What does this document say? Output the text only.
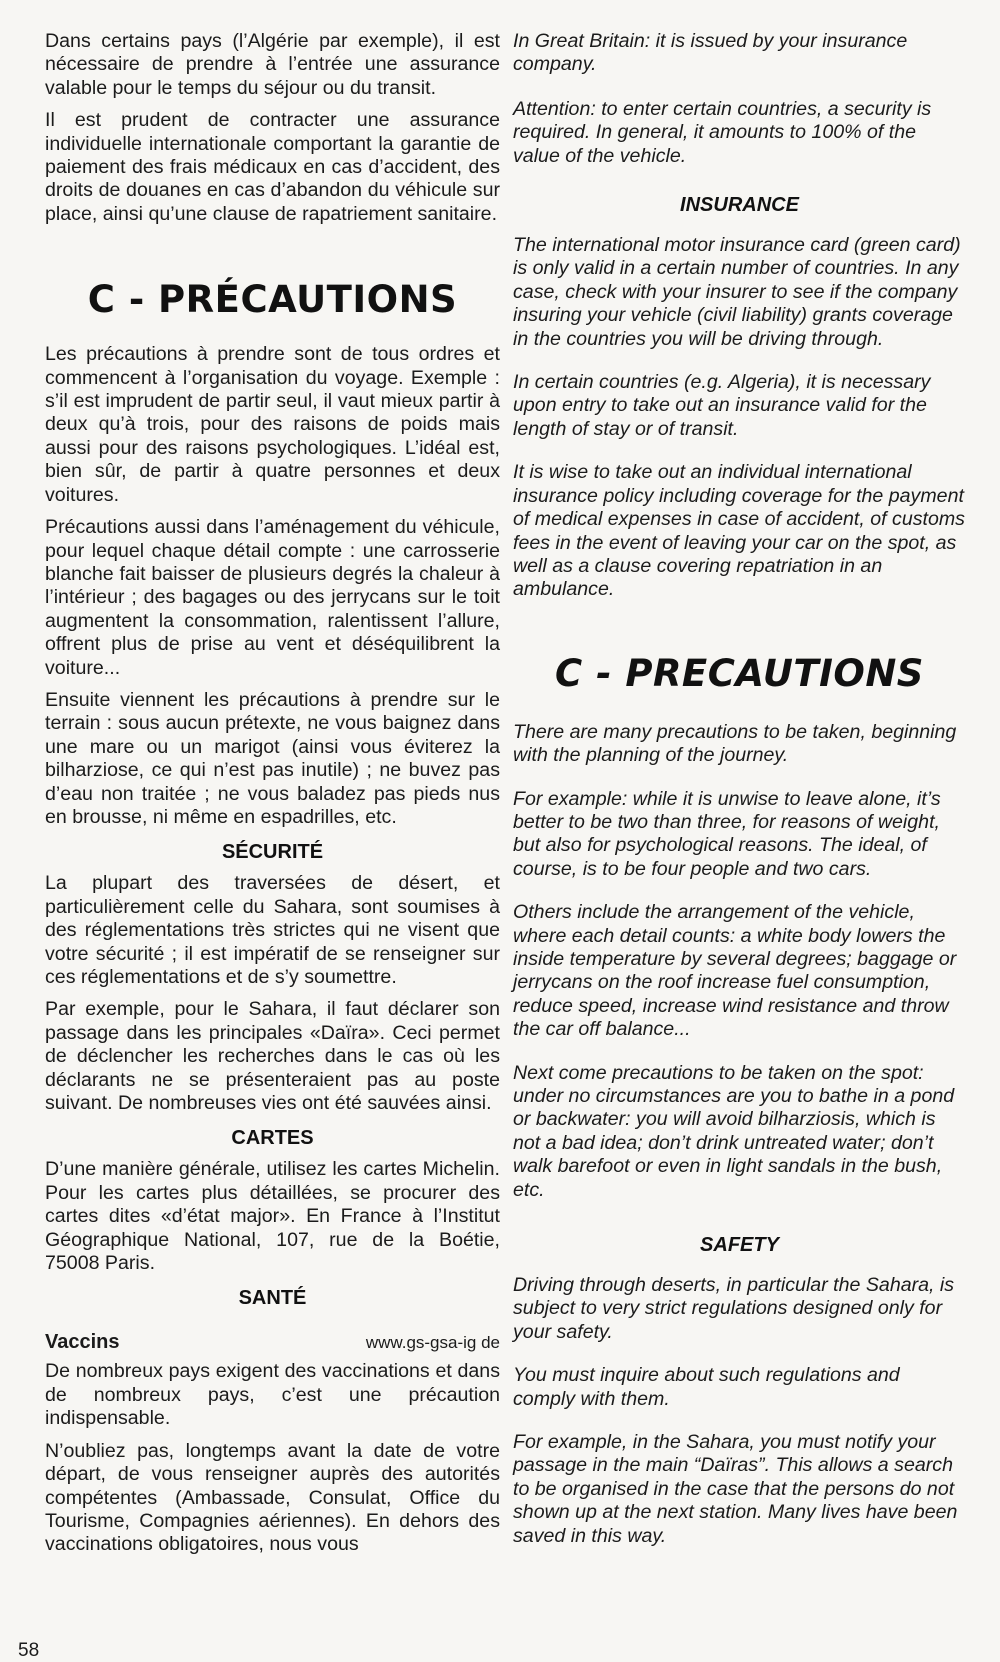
Dans certains pays (l’Algérie par exemple), il est nécessaire de prendre à l’entrée une assurance valable pour le temps du séjour ou du transit.

Il est prudent de contracter une assurance individuelle internationale comportant la garantie de paiement des frais médicaux en cas d’accident, des droits de douanes en cas d’abandon du véhicule sur place, ainsi qu’une clause de rapatriement sanitaire.

C - PRÉCAUTIONS

Les précautions à prendre sont de tous ordres et commencent à l’organisation du voyage. Exemple : s’il est imprudent de partir seul, il vaut mieux partir à deux qu’à trois, pour des raisons de poids mais aussi pour des raisons psychologiques. L’idéal est, bien sûr, de partir à quatre personnes et deux voitures.

Précautions aussi dans l’aménagement du véhicule, pour lequel chaque détail compte : une carrosserie blanche fait baisser de plusieurs degrés la chaleur à l’intérieur ; des bagages ou des jerrycans sur le toit augmentent la consommation, ralentissent l’allure, offrent plus de prise au vent et déséquilibrent la voiture...

Ensuite viennent les précautions à prendre sur le terrain : sous aucun prétexte, ne vous baignez dans une mare ou un marigot (ainsi vous éviterez la bilharziose, ce qui n’est pas inutile) ; ne buvez pas d’eau non traitée ; ne vous baladez pas pieds nus en brousse, ni même en espadrilles, etc.

SÉCURITÉ

La plupart des traversées de désert, et particulièrement celle du Sahara, sont soumises à des réglementations très strictes qui ne visent que votre sécurité ; il est impératif de se renseigner sur ces réglementations et de s’y soumettre.

Par exemple, pour le Sahara, il faut déclarer son passage dans les principales «Daïra». Ceci permet de déclencher les recherches dans le cas où les déclarants ne se présenteraient pas au poste suivant. De nombreuses vies ont été sauvées ainsi.

CARTES

D’une manière générale, utilisez les cartes Michelin. Pour les cartes plus détaillées, se procurer des cartes dites «d’état major». En France à l’Institut Géographique National, 107, rue de la Boétie, 75008 Paris.

SANTÉ
Vaccins	www.gs-gsa-ig de

De nombreux pays exigent des vaccinations et dans de nombreux pays, c’est une précaution indispensable.

N’oubliez pas, longtemps avant la date de votre départ, de vous renseigner auprès des autorités compétentes (Ambassade, Consulat, Office du Tourisme, Compagnies aériennes). En dehors des vaccinations obligatoires, nous vous

In Great Britain: it is issued by your insurance company.

Attention: to enter certain countries, a security is required. In general, it amounts to 100% of the value of the vehicle.

INSURANCE

The international motor insurance card (green card) is only valid in a certain number of countries. In any case, check with your insurer to see if the company insuring your vehicle (civil liability) grants coverage in the countries you will be driving through.

In certain countries (e.g. Algeria), it is necessary upon entry to take out an insurance valid for the length of stay or of transit.

It is wise to take out an individual international insurance policy including coverage for the payment of medical expenses in case of accident, of customs fees in the event of leaving your car on the spot, as well as a clause covering repatriation in an ambulance.

C - PRECAUTIONS

There are many precautions to be taken, beginning with the planning of the journey.

For example: while it is unwise to leave alone, it’s better to be two than three, for reasons of weight, but also for psychological reasons. The ideal, of course, is to be four people and two cars.

Others include the arrangement of the vehicle, where each detail counts: a white body lowers the inside temperature by several degrees; baggage or jerrycans on the roof increase fuel consumption, reduce speed, increase wind resistance and throw the car off balance...

Next come precautions to be taken on the spot: under no circumstances are you to bathe in a pond or backwater: you will avoid bilharziosis, which is not a bad idea; don’t drink untreated water; don’t walk barefoot or even in light sandals in the bush, etc.

SAFETY

Driving through deserts, in particular the Sahara, is subject to very strict regulations designed only for your safety.

You must inquire about such regulations and comply with them.

For example, in the Sahara, you must notify your passage in the main “Daïras”. This allows a search to be organised in the case that the persons do not shown up at the next station. Many lives have been saved in this way.

58
